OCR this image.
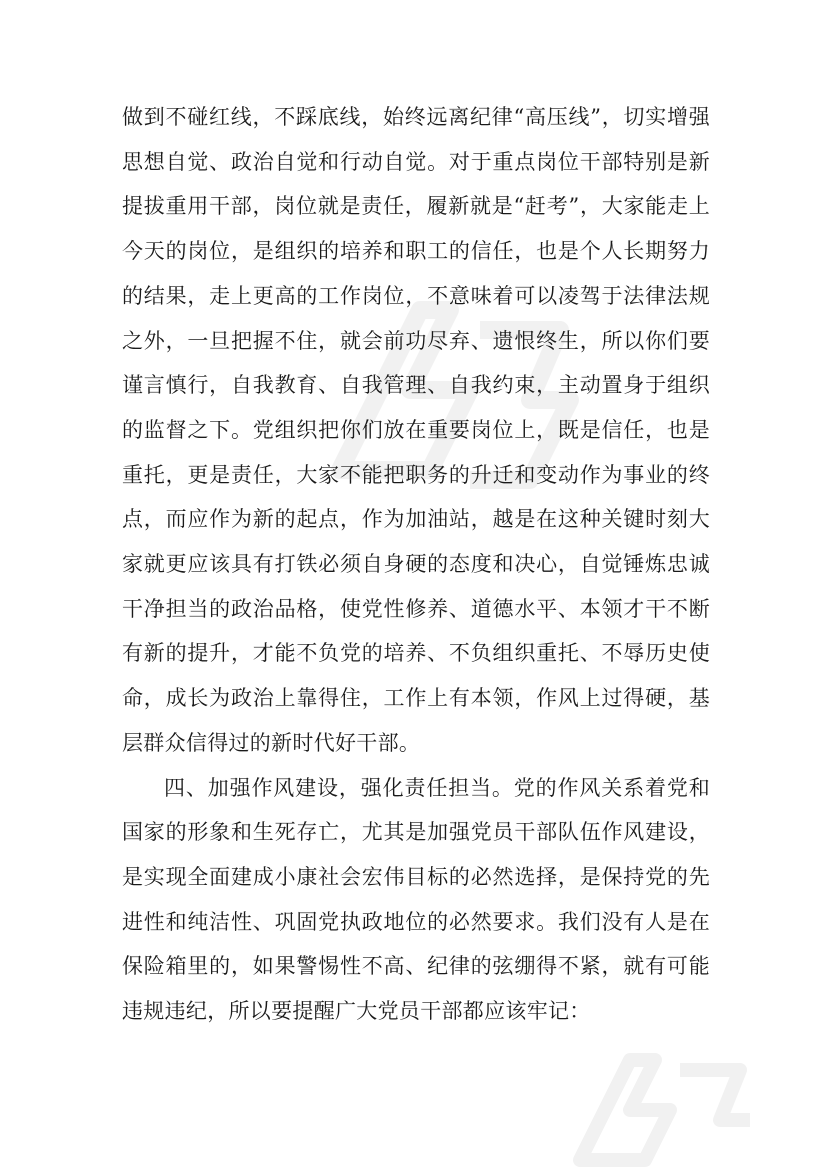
做到不碰红线，不踩底线，始终远离纪律“高压线”，切实增强思想自觉、政治自觉和行动自觉。对于重点岗位干部特别是新提拔重用干部，岗位就是责任，履新就是“赶考”，大家能走上今天的岗位，是组织的培养和职工的信任，也是个人长期努力的结果，走上更高的工作岗位，不意味着可以凌驾于法律法规之外，一旦把握不住，就会前功尽弃、遗恨终生，所以你们要谨言慎行，自我教育、自我管理、自我约束，主动置身于组织的监督之下。党组织把你们放在重要岗位上，既是信任，也是重托，更是责任，大家不能把职务的升迁和变动作为事业的终点，而应作为新的起点，作为加油站，越是在这种关键时刻大家就更应该具有打铁必须自身硬的态度和决心，自觉锤炼忠诚干净担当的政治品格，使党性修养、道德水平、本领才干不断有新的提升，才能不负党的培养、不负组织重托、不辱历史使命，成长为政治上靠得住，工作上有本领，作风上过得硬，基层群众信得过的新时代好干部。

四、加强作风建设，强化责任担当。党的作风关系着党和国家的形象和生死存亡，尤其是加强党员干部队伍作风建设，是实现全面建成小康社会宏伟目标的必然选择，是保持党的先进性和纯洁性、巩固党执政地位的必然要求。我们没有人是在保险箱里的，如果警惕性不高、纪律的弦绷得不紧，就有可能违规违纪，所以要提醒广大党员干部都应该牢记：
